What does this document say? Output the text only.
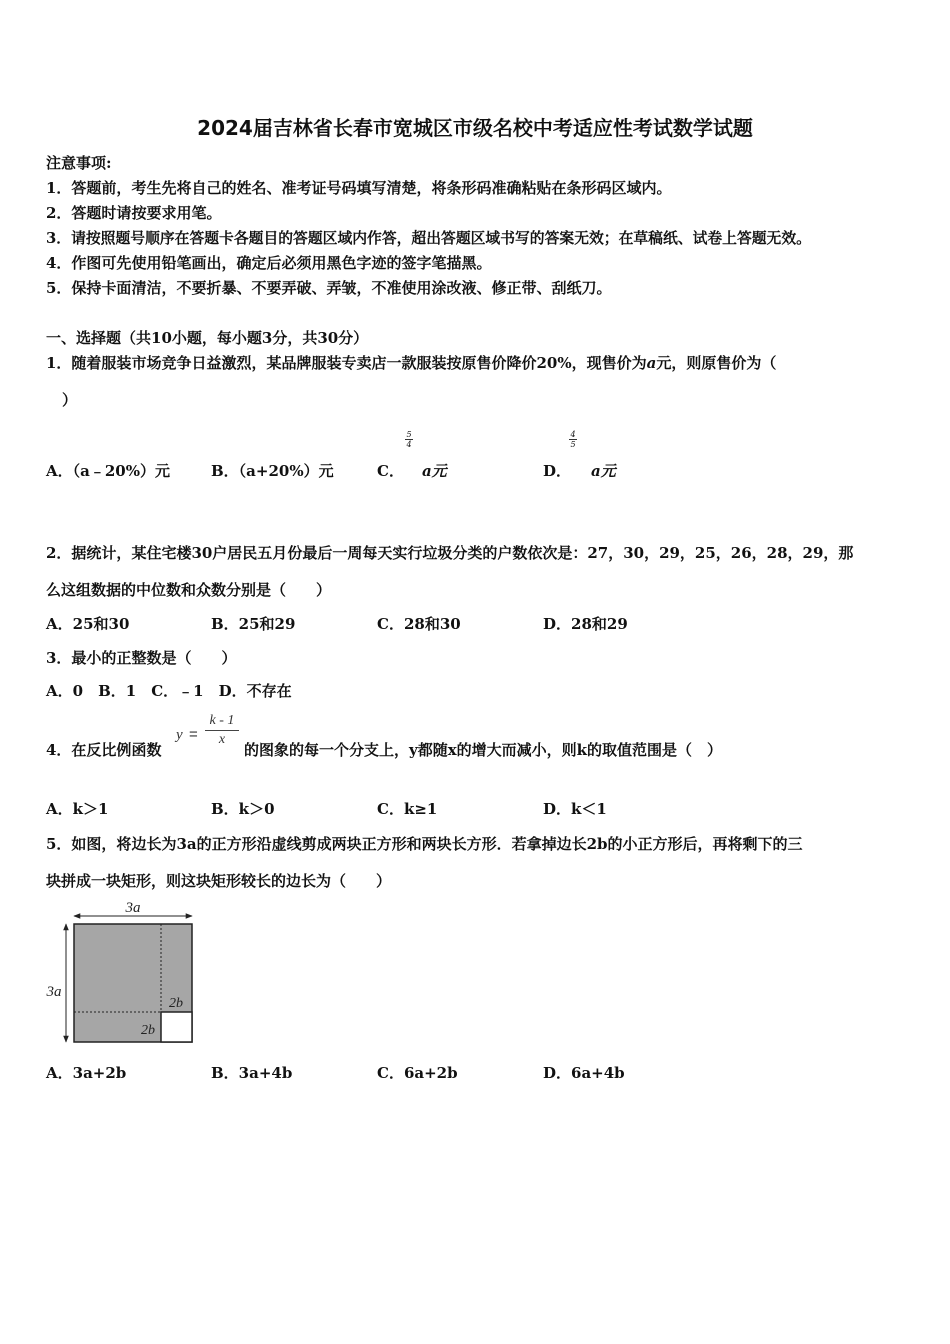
2024届吉林省长春市宽城区市级名校中考适应性考试数学试题
注意事项:
1．答题前，考生先将自己的姓名、准考证号码填写清楚，将条形码准确粘贴在条形码区域内。
2．答题时请按要求用笔。
3．请按照题号顺序在答题卡各题目的答题区域内作答，超出答题区域书写的答案无效；在草稿纸、试卷上答题无效。
4．作图可先使用铅笔画出，确定后必须用黑色字迹的签字笔描黑。
5．保持卡面清洁，不要折暴、不要弄破、弄皱，不准使用涂改液、修正带、刮纸刀。
一、选择题（共10小题，每小题3分，共30分）
1．随着服装市场竞争日益激烈，某品牌服装专卖店一款服装按原售价降价20%，现售价为a元，则原售价为（
）
A．（a﹣20%）元	B．（a+20%）元	C． a元
5
4
D． a元
4
5
2．据统计，某住宅楼30户居民五月份最后一周每天实行垃圾分类的户数依次是：27，30，29，25，26，28，29，那
么这组数据的中位数和众数分别是（　　）
A．25和30	B．25和29	C．28和30	D．28和29
3．最小的正整数是（　　）
A．0　B．1　C．﹣1　D．不存在
4．在反比例函数
y =
k - 1
x
的图象的每一个分支上，y都随x的增大而减小，则k的取值范围是（　）
A．k＞1	B．k＞0	C．k≥1	D．k＜1
5．如图，将边长为3a的正方形沿虚线剪成两块正方形和两块长方形．若拿掉边长2b的小正方形后，再将剩下的三
块拼成一块矩形，则这块矩形较长的边长为（　　）
3a
3a
2b
2b
A．3a+2b	B．3a+4b	C．6a+2b	D．6a+4b
